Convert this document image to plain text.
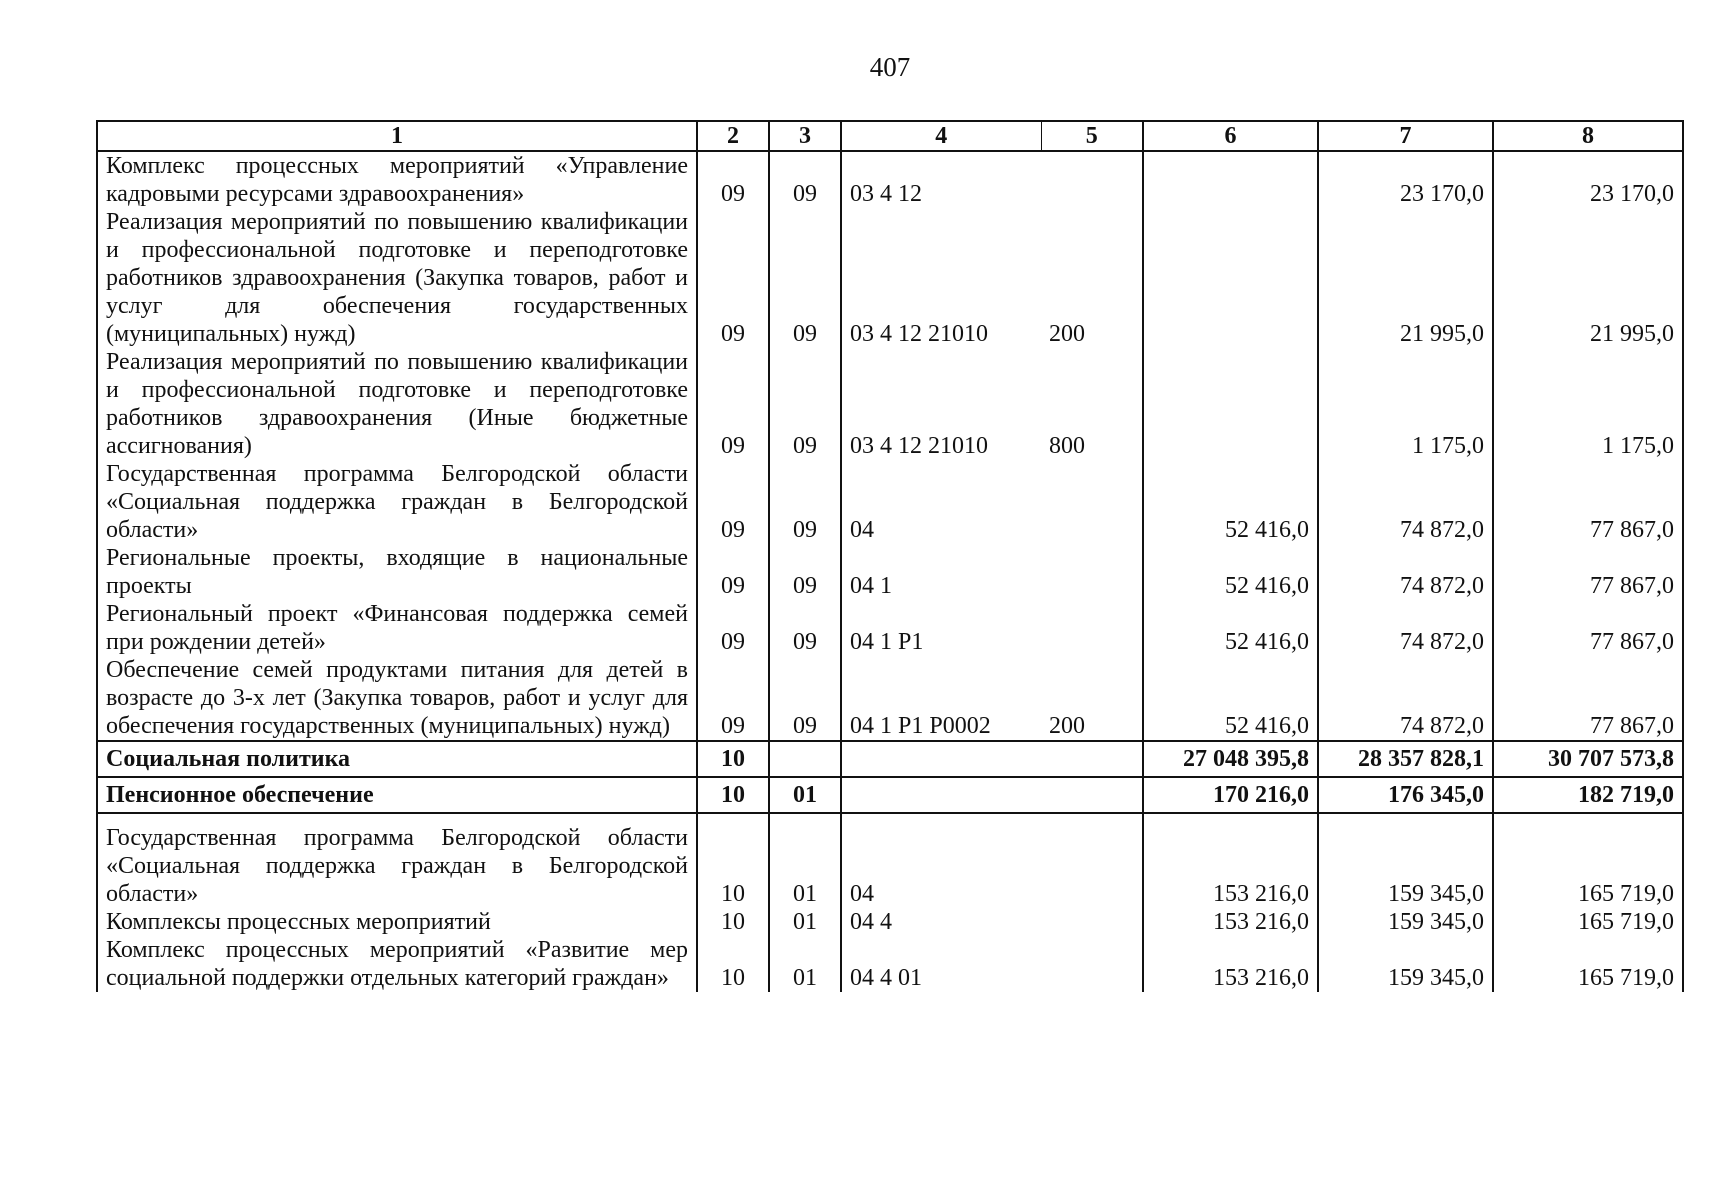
407
1	2	3	4	5	6	7	8
Комплекс процессных мероприятий «Управление кадровыми ресурсами здравоохранения»	09	09	03 4 12			23 170,0	23 170,0
Реализация мероприятий по повышению квалификации и профессиональной подготовке и переподготовке работников здравоохранения (Закупка товаров, работ и услуг для обеспечения государственных (муниципальных) нужд)	09	09	03 4 12 21010	200		21 995,0	21 995,0
Реализация мероприятий по повышению квалификации и профессиональной подготовке и переподготовке работников здравоохранения (Иные бюджетные ассигнования)	09	09	03 4 12 21010	800		1 175,0	1 175,0
Государственная программа Белгородской области «Социальная поддержка граждан в Белгородской области»	09	09	04		52 416,0	74 872,0	77 867,0
Региональные проекты, входящие в национальные проекты	09	09	04 1		52 416,0	74 872,0	77 867,0
Региональный проект «Финансовая поддержка семей при рождении детей»	09	09	04 1 P1		52 416,0	74 872,0	77 867,0
Обеспечение семей продуктами питания для детей в возрасте до 3-х лет (Закупка товаров, работ и услуг для обеспечения государственных (муниципальных) нужд)	09	09	04 1 P1 P0002	200	52 416,0	74 872,0	77 867,0
Социальная политика	10				27 048 395,8	28 357 828,1	30 707 573,8
Пенсионное обеспечение	10	01			170 216,0	176 345,0	182 719,0
Государственная программа Белгородской области «Социальная поддержка граждан в Белгородской области»	10	01	04		153 216,0	159 345,0	165 719,0
Комплексы процессных мероприятий	10	01	04 4		153 216,0	159 345,0	165 719,0
Комплекс процессных мероприятий «Развитие мер социальной поддержки отдельных категорий граждан»	10	01	04 4 01		153 216,0	159 345,0	165 719,0
